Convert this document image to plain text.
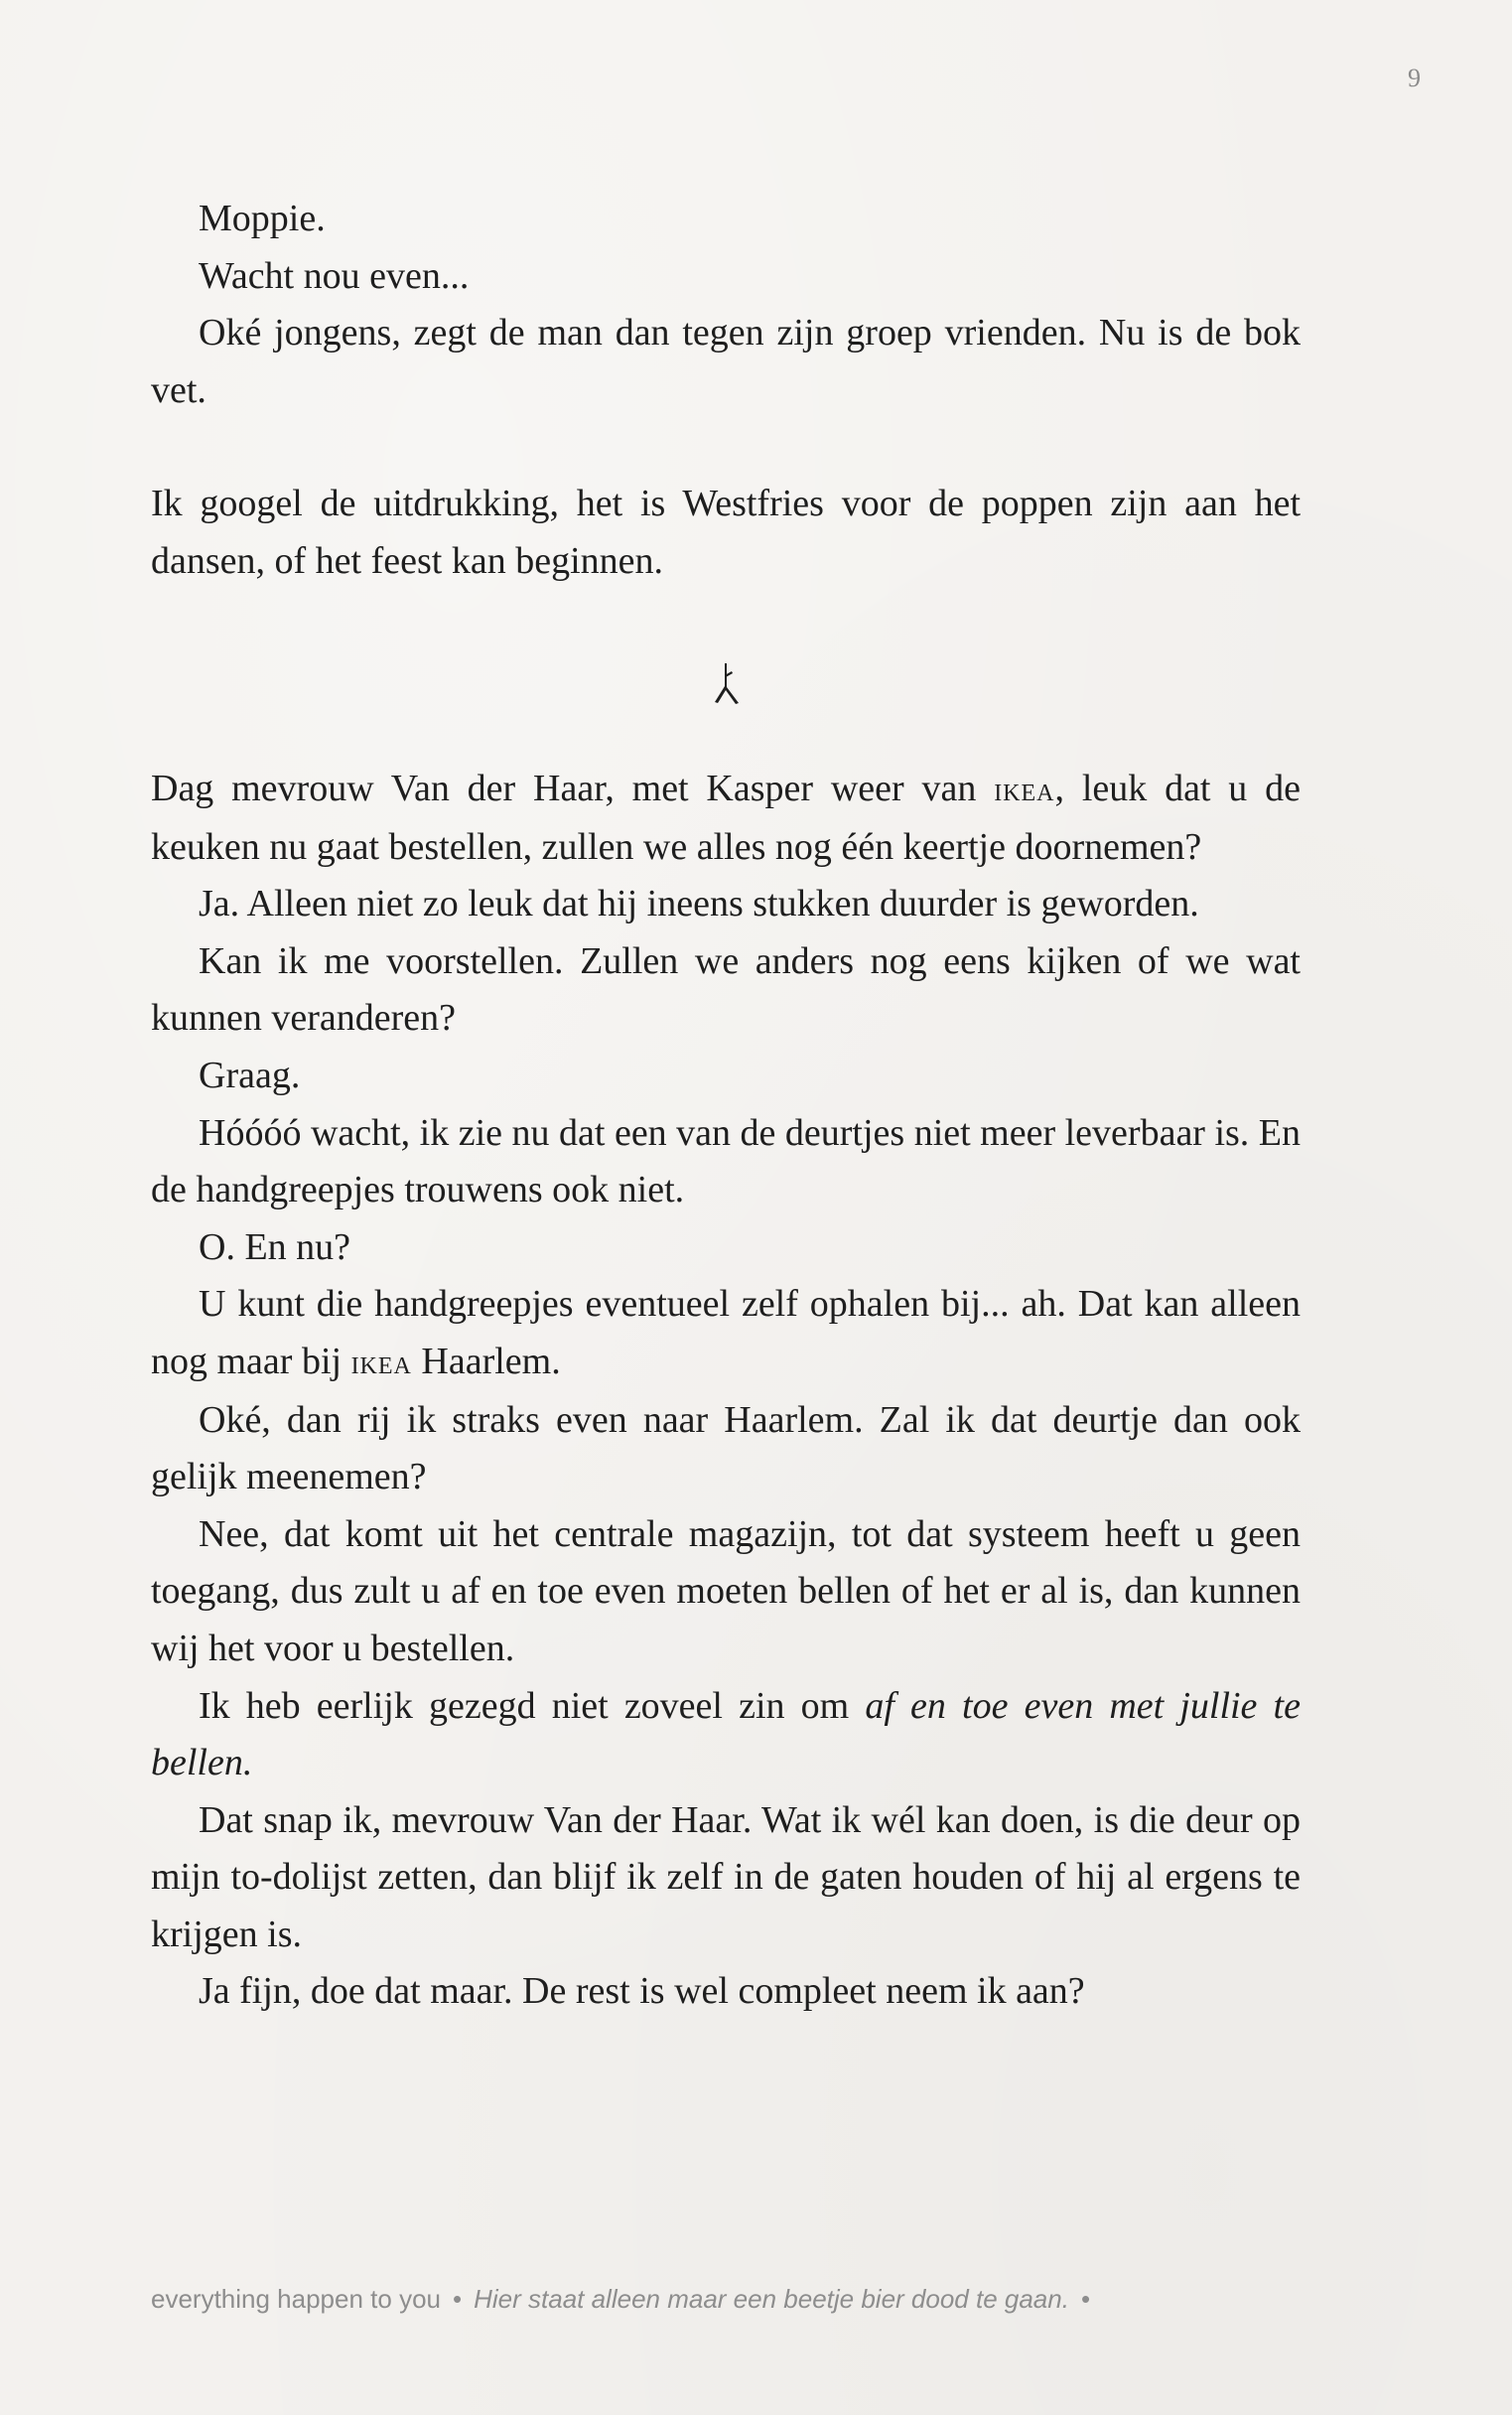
9

Moppie.

Wacht nou even...

Oké jongens, zegt de man dan tegen zijn groep vrienden. Nu is de bok vet.

Ik googel de uitdrukking, het is Westfries voor de poppen zijn aan het dansen, of het feest kan beginnen.

Dag mevrouw Van der Haar, met Kasper weer van ikea, leuk dat u de keuken nu gaat bestellen, zullen we alles nog één keertje doornemen?

Ja. Alleen niet zo leuk dat hij ineens stukken duurder is geworden.

Kan ik me voorstellen. Zullen we anders nog eens kijken of we wat kunnen veranderen?

Graag.

Hóóóó wacht, ik zie nu dat een van de deurtjes niet meer leverbaar is. En de handgreepjes trouwens ook niet.

O. En nu?

U kunt die handgreepjes eventueel zelf ophalen bij... ah. Dat kan alleen nog maar bij ikea Haarlem.

Oké, dan rij ik straks even naar Haarlem. Zal ik dat deurtje dan ook gelijk meenemen?

Nee, dat komt uit het centrale magazijn, tot dat systeem heeft u geen toegang, dus zult u af en toe even moeten bellen of het er al is, dan kunnen wij het voor u bestellen.

Ik heb eerlijk gezegd niet zoveel zin om af en toe even met jullie te bellen.

Dat snap ik, mevrouw Van der Haar. Wat ik wél kan doen, is die deur op mijn to-dolijst zetten, dan blijf ik zelf in de gaten houden of hij al ergens te krijgen is.

Ja fijn, doe dat maar. De rest is wel compleet neem ik aan?

everything happen to you • Hier staat alleen maar een beetje bier dood te gaan. •
